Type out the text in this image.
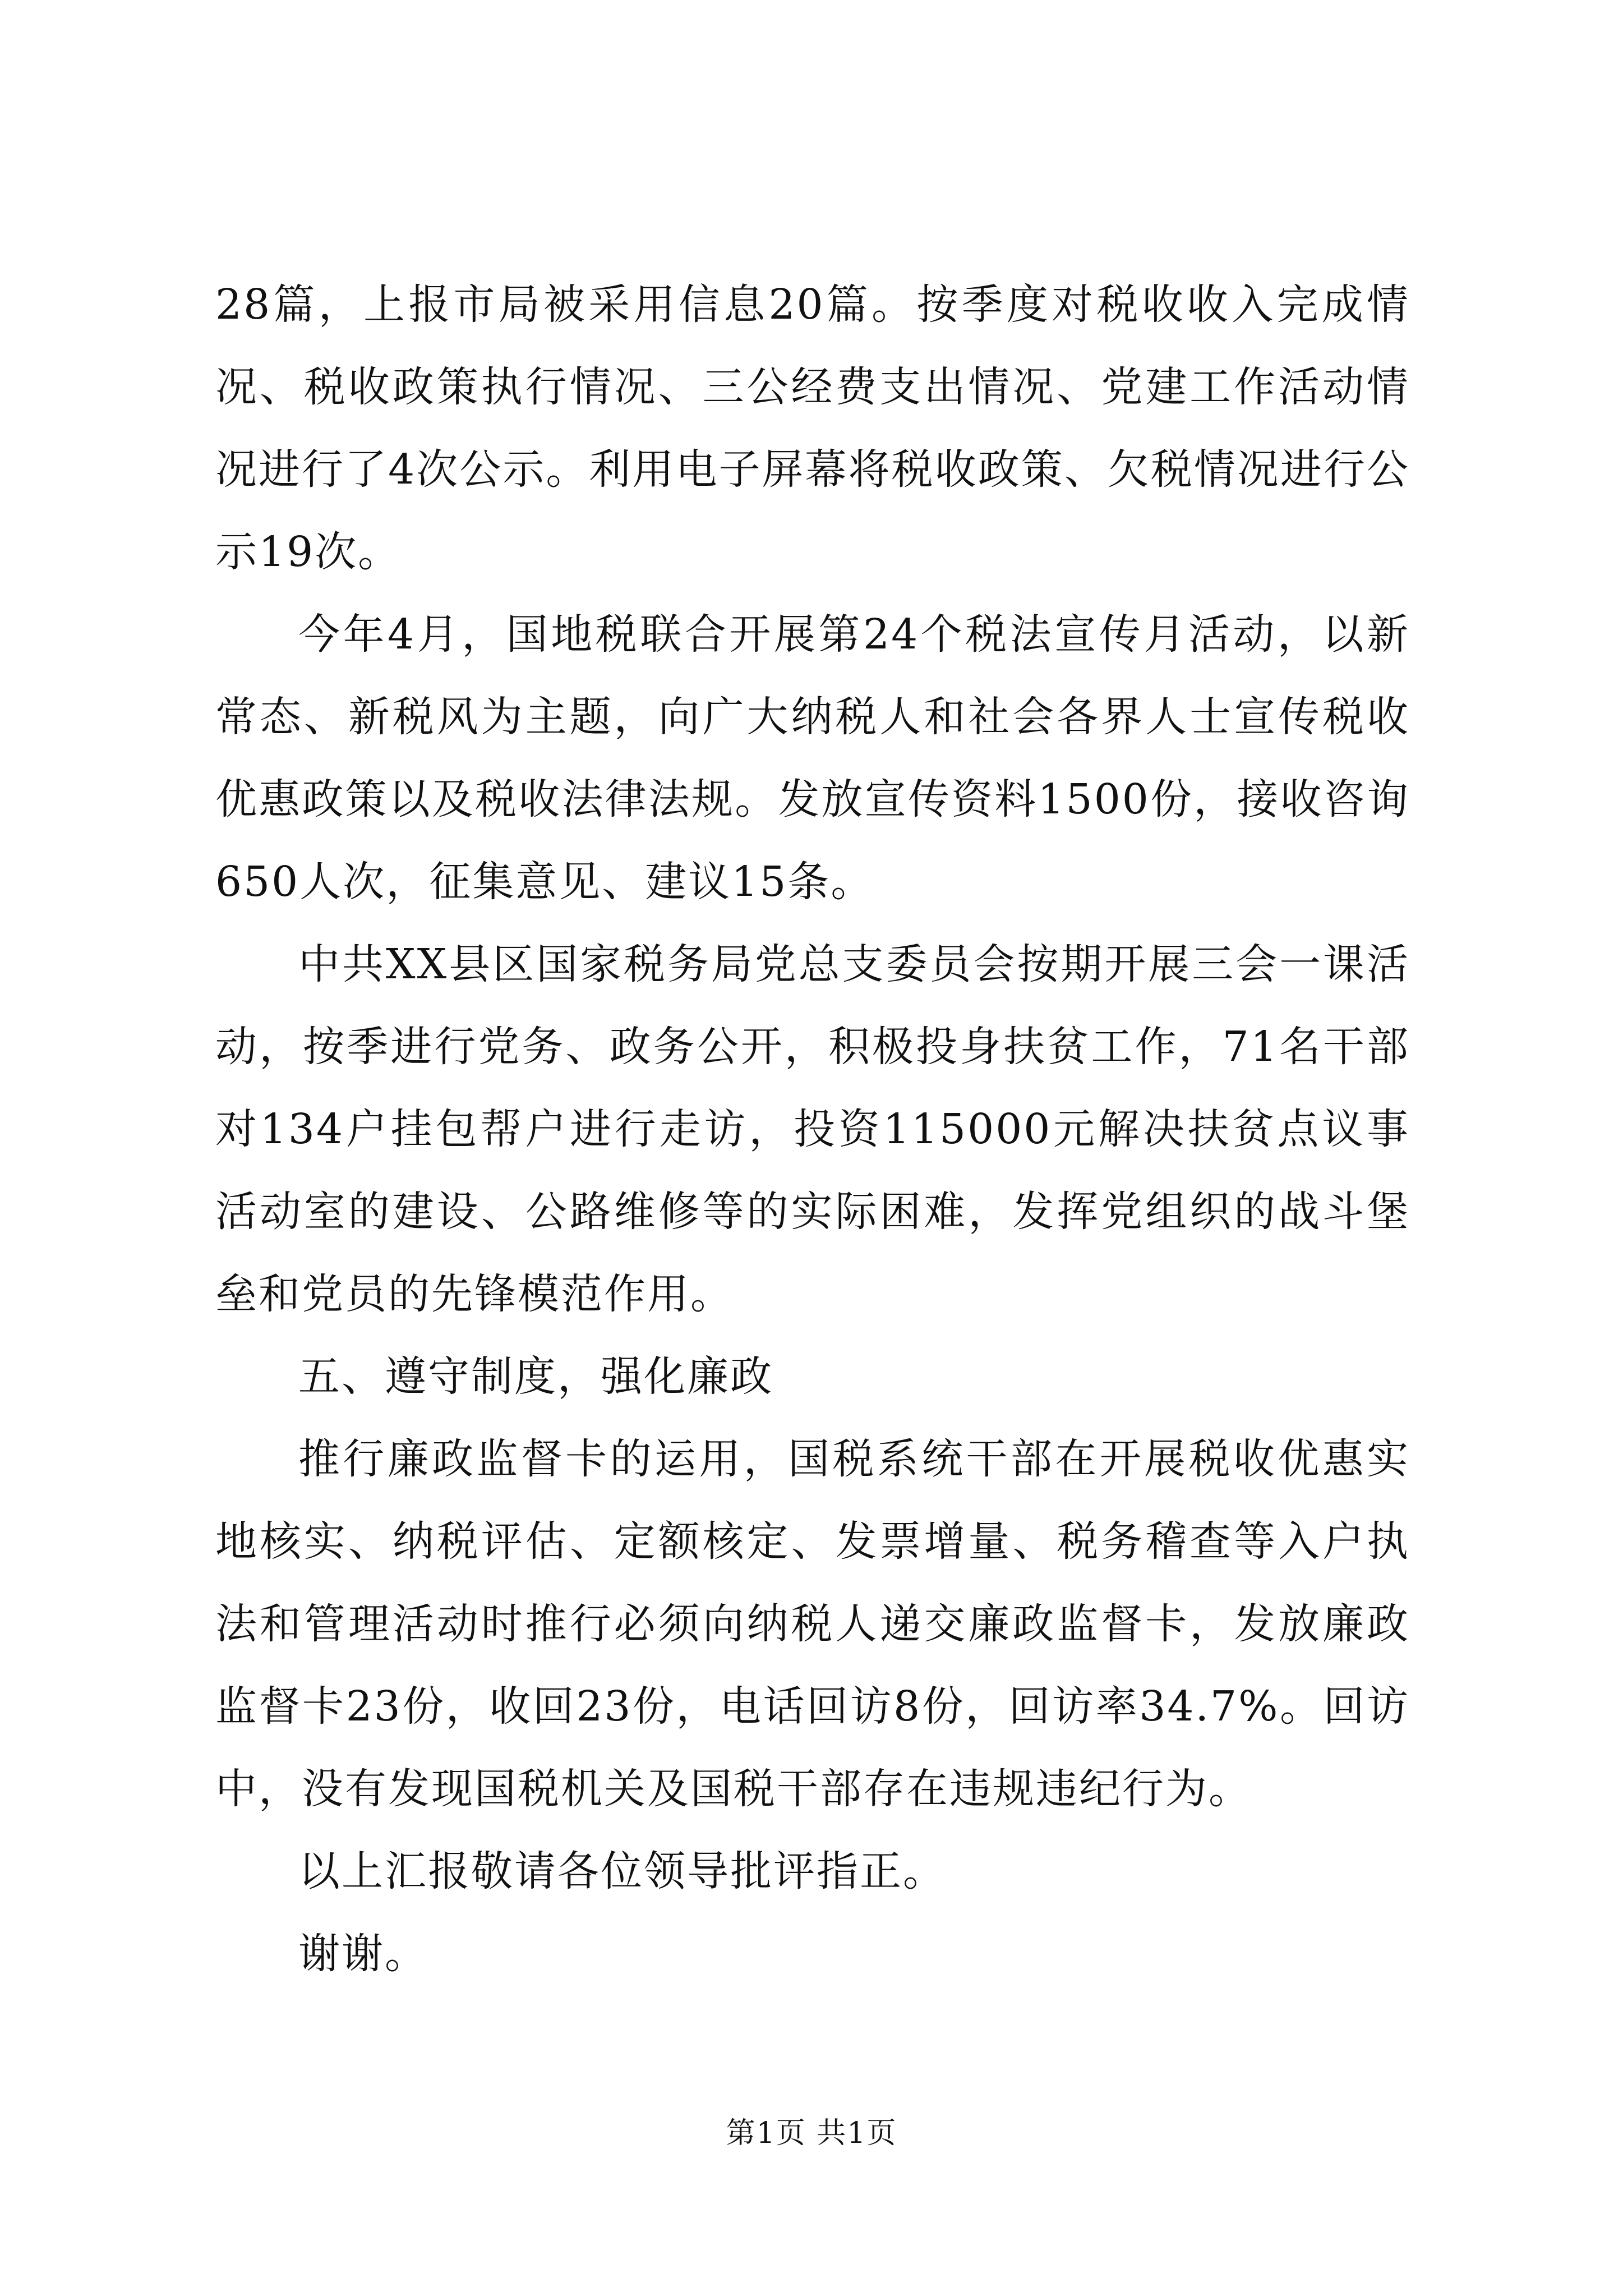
28篇，上报市局被采用信息20篇。按季度对税收收入完成情况、税收政策执行情况、三公经费支出情况、党建工作活动情况进行了4次公示。利用电子屏幕将税收政策、欠税情况进行公示19次。

今年4月，国地税联合开展第24个税法宣传月活动，以新常态、新税风为主题，向广大纳税人和社会各界人士宣传税收优惠政策以及税收法律法规。发放宣传资料1500份，接收咨询650人次，征集意见、建议15条。

中共XX县区国家税务局党总支委员会按期开展三会一课活动，按季进行党务、政务公开，积极投身扶贫工作，71名干部对134户挂包帮户进行走访，投资115000元解决扶贫点议事活动室的建设、公路维修等的实际困难，发挥党组织的战斗堡垒和党员的先锋模范作用。

五、遵守制度，强化廉政

推行廉政监督卡的运用，国税系统干部在开展税收优惠实地核实、纳税评估、定额核定、发票增量、税务稽查等入户执法和管理活动时推行必须向纳税人递交廉政监督卡，发放廉政监督卡23份，收回23份，电话回访8份，回访率34.7%。回访中，没有发现国税机关及国税干部存在违规违纪行为。

以上汇报敬请各位领导批评指正。

谢谢。

第1页 共1页
